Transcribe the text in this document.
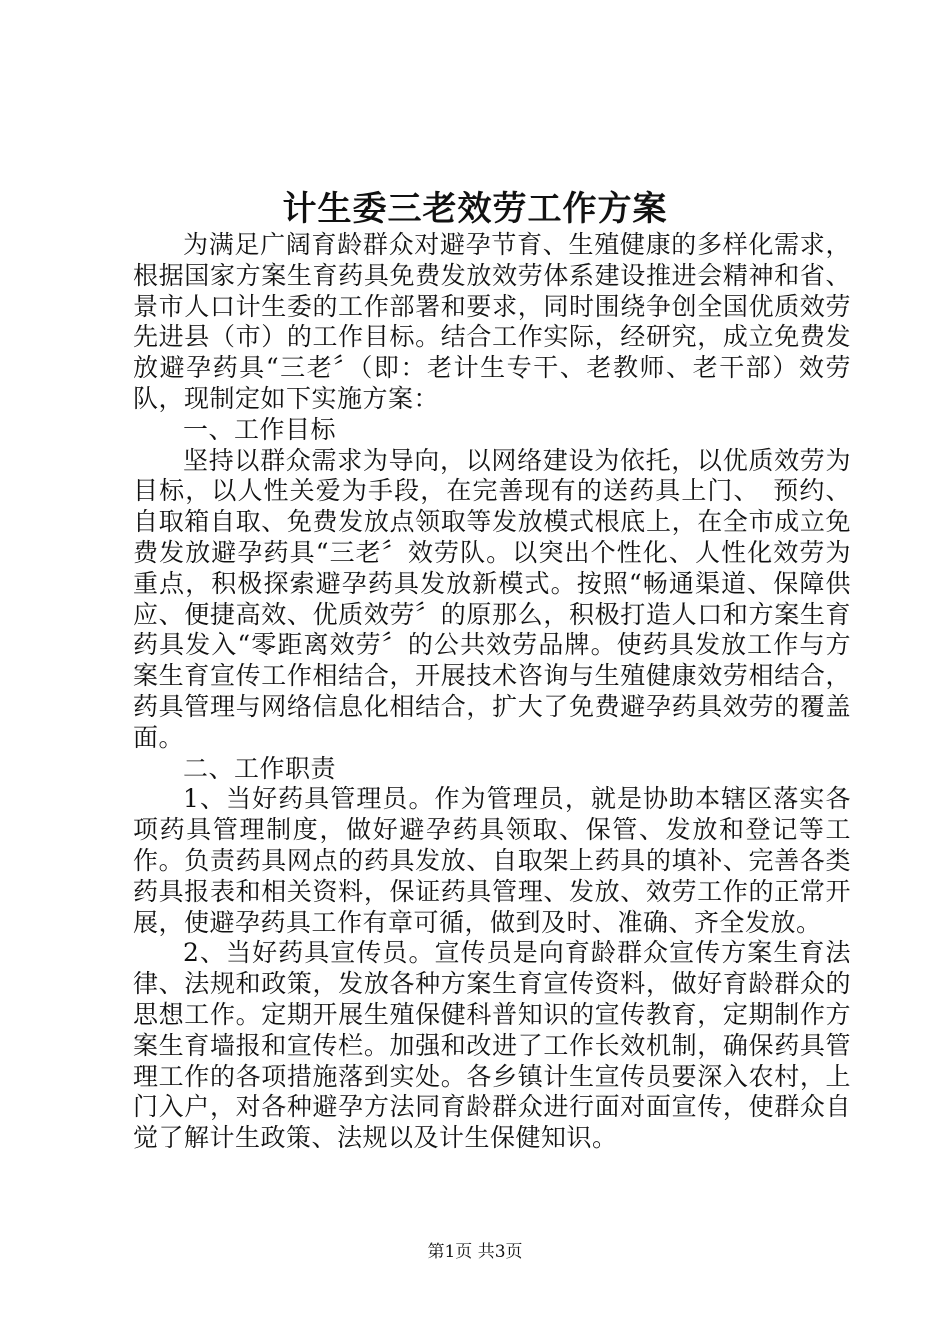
计生委三老效劳工作方案

为满足广阔育龄群众对避孕节育、生殖健康的多样化需求，根据国家方案生育药具免费发放效劳体系建设推进会精神和省、景市人口计生委的工作部署和要求，同时围绕争创全国优质效劳先进县（市）的工作目标。结合工作实际，经研究，成立免费发放避孕药具“三老〞（即：老计生专干、老教师、老干部）效劳队，现制定如下实施方案：

一、工作目标

坚持以群众需求为导向，以网络建设为依托，以优质效劳为目标，以人性关爱为手段，在完善现有的送药具上门、　预约、自取箱自取、免费发放点领取等发放模式根底上，在全市成立免费发放避孕药具“三老〞效劳队。以突出个性化、人性化效劳为重点，积极探索避孕药具发放新模式。按照“畅通渠道、保障供应、便捷高效、优质效劳〞的原那么，积极打造人口和方案生育药具发入“零距离效劳〞的公共效劳品牌。使药具发放工作与方案生育宣传工作相结合，开展技术咨询与生殖健康效劳相结合，药具管理与网络信息化相结合，扩大了免费避孕药具效劳的覆盖面。

二、工作职责

1、当好药具管理员。作为管理员，就是协助本辖区落实各项药具管理制度，做好避孕药具领取、保管、发放和登记等工作。负责药具网点的药具发放、自取架上药具的填补、完善各类药具报表和相关资料，保证药具管理、发放、效劳工作的正常开展，使避孕药具工作有章可循，做到及时、准确、齐全发放。

2、当好药具宣传员。宣传员是向育龄群众宣传方案生育法律、法规和政策，发放各种方案生育宣传资料，做好育龄群众的思想工作。定期开展生殖保健科普知识的宣传教育，定期制作方案生育墙报和宣传栏。加强和改进了工作长效机制，确保药具管理工作的各项措施落到实处。各乡镇计生宣传员要深入农村，上门入户，对各种避孕方法同育龄群众进行面对面宣传，使群众自觉了解计生政策、法规以及计生保健知识。

第1页 共3页
